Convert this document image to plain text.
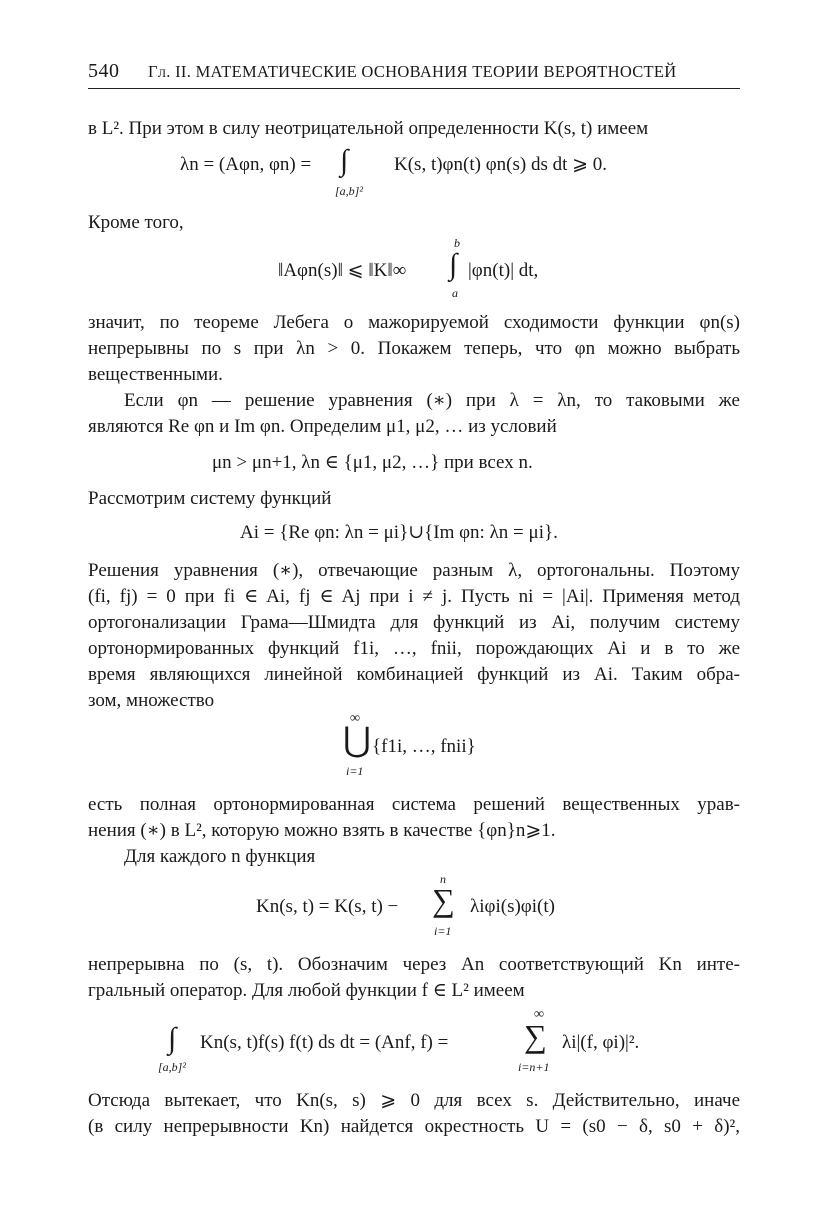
540 Гл. II. МАТЕМАТИЧЕСКИЕ ОСНОВАНИЯ ТЕОРИИ ВЕРОЯТНОСТЕЙ
в L². При этом в силу неотрицательной определенности K(s, t) имеем
λn = (Aφn, φn) = ∫
[a,b]²
K(s, t)φn(t) φn(s) ds dt ⩾ 0.
Кроме того,
‖Aφn(s)‖ ⩽ ‖K‖∞
b
∫
a
|φn(t)| dt,
значит, по теореме Лебега о мажорируемой сходимости функции φn(s)
непрерывны по s при λn > 0. Покажем теперь, что φn можно выбрать
вещественными.
Если φn — решение уравнения (∗) при λ = λn, то таковыми же
являются Re φn и Im φn. Определим μ1, μ2, … из условий
μn > μn+1, λn ∈ {μ1, μ2, …} при всех n.
Рассмотрим систему функций
Ai = {Re φn: λn = μi}∪{Im φn: λn = μi}.
Решения уравнения (∗), отвечающие разным λ, ортогональны. Поэтому
(fi, fj) = 0 при fi ∈ Ai, fj ∈ Aj при i ≠ j. Пусть ni = |Ai|. Применяя метод
ортогонализации Грама—Шмидта для функций из Ai, получим систему
ортонормированных функций f1i, …, fnii, порождающих Ai и в то же
время являющихся линейной комбинацией функций из Ai. Таким обра-
зом, множество
∞
⋃
i=1
{f1i, …, fnii}
есть полная ортонормированная система решений вещественных урав-
нения (∗) в L², которую можно взять в качестве {φn}n⩾1.
Для каждого n функция
Kn(s, t) = K(s, t) −
n
∑
i=1
λiφi(s)φi(t)
непрерывна по (s, t). Обозначим через An соответствующий Kn инте-
гральный оператор. Для любой функции f ∈ L² имеем
∫
[a,b]²
Kn(s, t)f(s) f(t) ds dt = (Anf, f) =
∞
∑
i=n+1
λi|(f, φi)|².
Отсюда вытекает, что Kn(s, s) ⩾ 0 для всех s. Действительно, иначе
(в силу непрерывности Kn) найдется окрестность U = (s0 − δ, s0 + δ)²,
